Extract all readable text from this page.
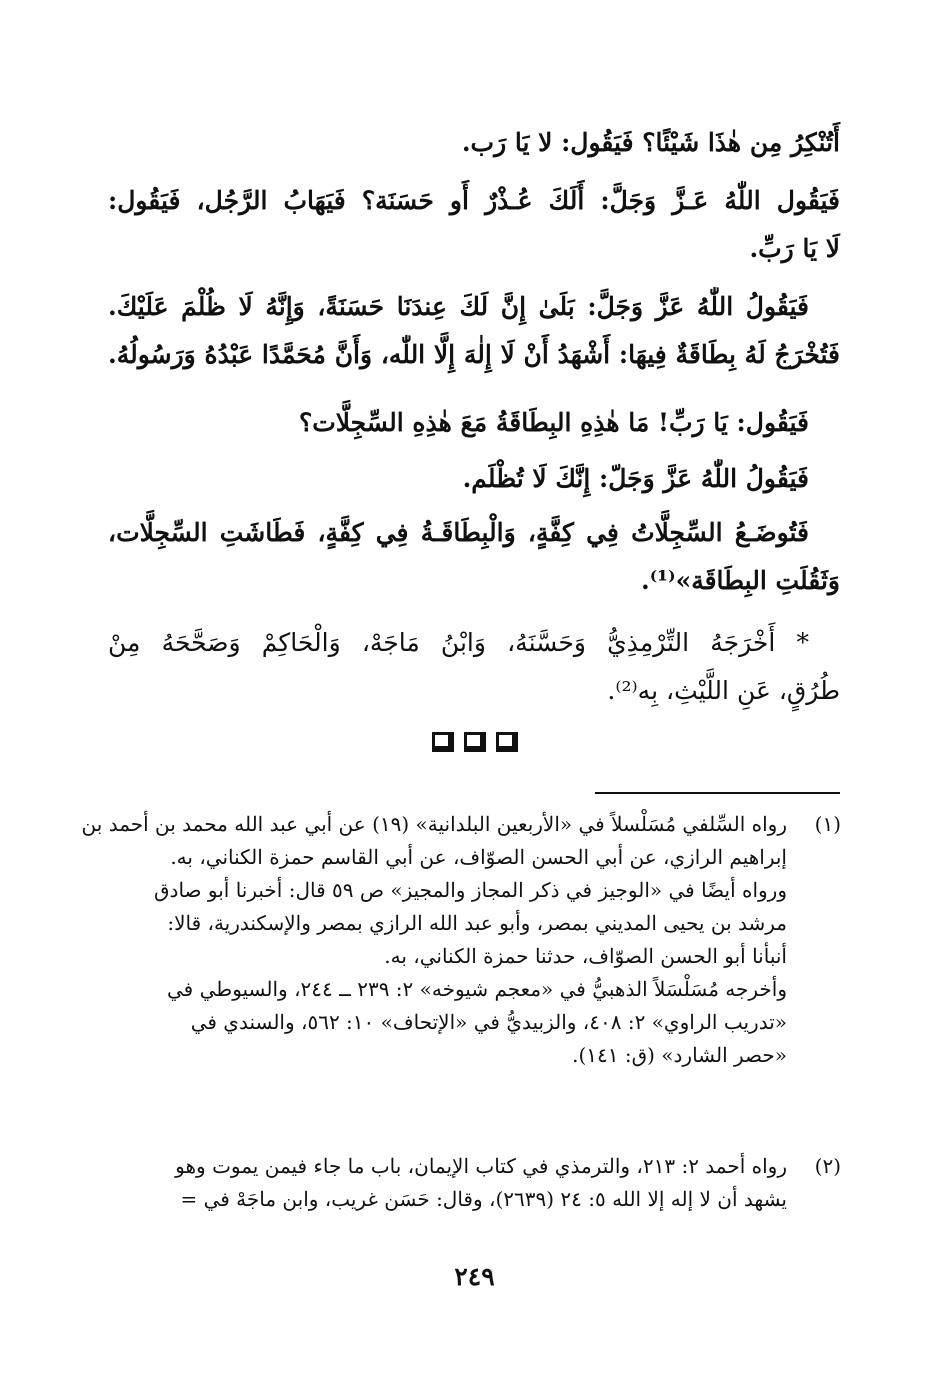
أَتُنْكِرُ مِن هٰذَا شَيْئًا؟ فَيَقُول: لا يَا رَب.
فَيَقُول اللّٰهُ عَـزَّ وَجَلَّ: أَلَكَ عُـذْرٌ أَو حَسَنَة؟ فَيَهَابُ الرَّجُل، فَيَقُول:
لَا يَا رَبِّ.
فَيَقُولُ اللّٰهُ عَزَّ وَجَلَّ: بَلَىٰ إِنَّ لَكَ عِندَنَا حَسَنَةً، وَإِنَّهُ لَا ظُلْمَ عَلَيْكَ.
فَتُخْرَجُ لَهُ بِطَاقَةٌ فِيهَا: أَشْهَدُ أَنْ لَا إِلٰهَ إِلَّا اللّٰه، وَأَنَّ مُحَمَّدًا عَبْدُهُ وَرَسُولُهُ.
فَيَقُول: يَا رَبِّ! مَا هٰذِهِ البِطَاقَةُ مَعَ هٰذِهِ السِّجِلَّات؟
فَيَقُولُ اللّٰهُ عَزَّ وَجَلّ: إِنَّكَ لَا تُظْلَم.
فَتُوضَـعُ السِّجِلَّاتُ فِي كِفَّةٍ، وَالْبِطَاقَـةُ فِي كِفَّةٍ، فَطَاشَتِ السِّجِلَّات،
وَثَقُلَتِ البِطَاقَة»⁽¹⁾.
* أَخْرَجَهُ التِّرْمِذِيُّ وَحَسَّنَهُ، وَابْنُ مَاجَهْ، وَالْحَاكِمْ وَصَحَّحَهُ مِنْ
طُرُقٍ، عَنِ اللَّيْثِ، بِه⁽²⁾.
(١)
رواه السِّلفي مُسَلْسلاً في «الأربعين البلدانية» (١٩) عن أبي عبد الله محمد بن أحمد بن
إبراهيم الرازي، عن أبي الحسن الصوّاف، عن أبي القاسم حمزة الكناني، به.
ورواه أيضًا في «الوجيز في ذكر المجاز والمجيز» ص ٥٩ قال: أخبرنا أبو صادق
مرشد بن يحيى المديني بمصر، وأبو عبد الله الرازي بمصر والإسكندرية، قالا:
أنبأنا أبو الحسن الصوّاف، حدثنا حمزة الكناني، به.
وأخرجه مُسَلْسَلاً الذهبيُّ في «معجم شيوخه» ٢: ٢٣٩ ــ ٢٤٤، والسيوطي في
«تدريب الراوي» ٢: ٤٠٨، والزبيديُّ في «الإتحاف» ١٠: ٥٦٢، والسندي في
«حصر الشارد» (ق: ١٤١).
(٢)
رواه أحمد ٢: ٢١٣، والترمذي في كتاب الإيمان، باب ما جاء فيمن يموت وهو
يشهد أن لا إله إلا الله ٥: ٢٤ (٢٦٣٩)، وقال: حَسَن غريب، وابن ماجَهْ في =
٢٤٩
